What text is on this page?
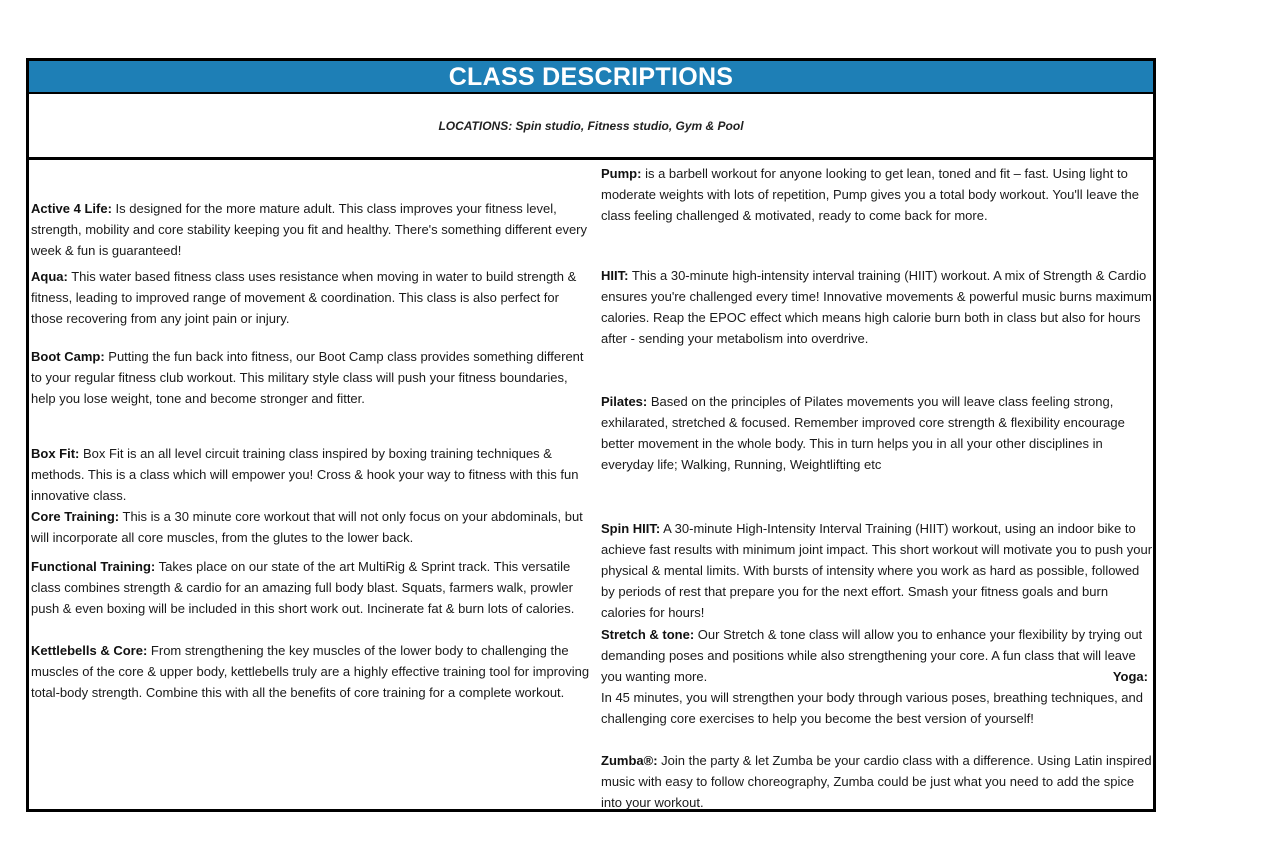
CLASS DESCRIPTIONS
LOCATIONS: Spin studio, Fitness studio, Gym & Pool

Active 4 Life: Is designed for the more mature adult. This class improves your fitness level, strength, mobility and core stability keeping you fit and healthy. There's something different every week & fun is guaranteed!

Aqua: This water based fitness class uses resistance when moving in water to build strength & fitness, leading to improved range of movement & coordination. This class is also perfect for those recovering from any joint pain or injury.

Boot Camp: Putting the fun back into fitness, our Boot Camp class provides something different to your regular fitness club workout. This military style class will push your fitness boundaries, help you lose weight, tone and become stronger and fitter.

Box Fit: Box Fit is an all level circuit training class inspired by boxing training techniques & methods. This is a class which will empower you! Cross & hook your way to fitness with this fun innovative class.

Core Training: This is a 30 minute core workout that will not only focus on your abdominals, but will incorporate all core muscles, from the glutes to the lower back.

Functional Training: Takes place on our state of the art MultiRig & Sprint track. This versatile class combines strength & cardio for an amazing full body blast. Squats, farmers walk, prowler push & even boxing will be included in this short work out. Incinerate fat & burn lots of calories.

Kettlebells & Core: From strengthening the key muscles of the lower body to challenging the muscles of the core & upper body, kettlebells truly are a highly effective training tool for improving total-body strength. Combine this with all the benefits of core training for a complete workout.

Pump: is a barbell workout for anyone looking to get lean, toned and fit – fast. Using light to moderate weights with lots of repetition, Pump gives you a total body workout. You'll leave the class feeling challenged & motivated, ready to come back for more.

HIIT: This a 30-minute high-intensity interval training (HIIT) workout. A mix of Strength & Cardio ensures you're challenged every time! Innovative movements & powerful music burns maximum calories. Reap the EPOC effect which means high calorie burn both in class but also for hours after - sending your metabolism into overdrive.

Pilates: Based on the principles of Pilates movements you will leave class feeling strong, exhilarated, stretched & focused. Remember improved core strength & flexibility encourage better movement in the whole body. This in turn helps you in all your other disciplines in everyday life; Walking, Running, Weightlifting etc

Spin HIIT: A 30-minute High-Intensity Interval Training (HIIT) workout, using an indoor bike to achieve fast results with minimum joint impact. This short workout will motivate you to push your physical & mental limits. With bursts of intensity where you work as hard as possible, followed by periods of rest that prepare you for the next effort. Smash your fitness goals and burn calories for hours!

Stretch & tone: Our Stretch & tone class will allow you to enhance your flexibility by trying out demanding poses and positions while also strengthening your core. A fun class that will leave you wanting more.	Yoga:

In 45 minutes, you will strengthen your body through various poses, breathing techniques, and challenging core exercises to help you become the best version of yourself!

Zumba®: Join the party & let Zumba be your cardio class with a difference. Using Latin inspired music with easy to follow choreography, Zumba could be just what you need to add the spice into your workout.
